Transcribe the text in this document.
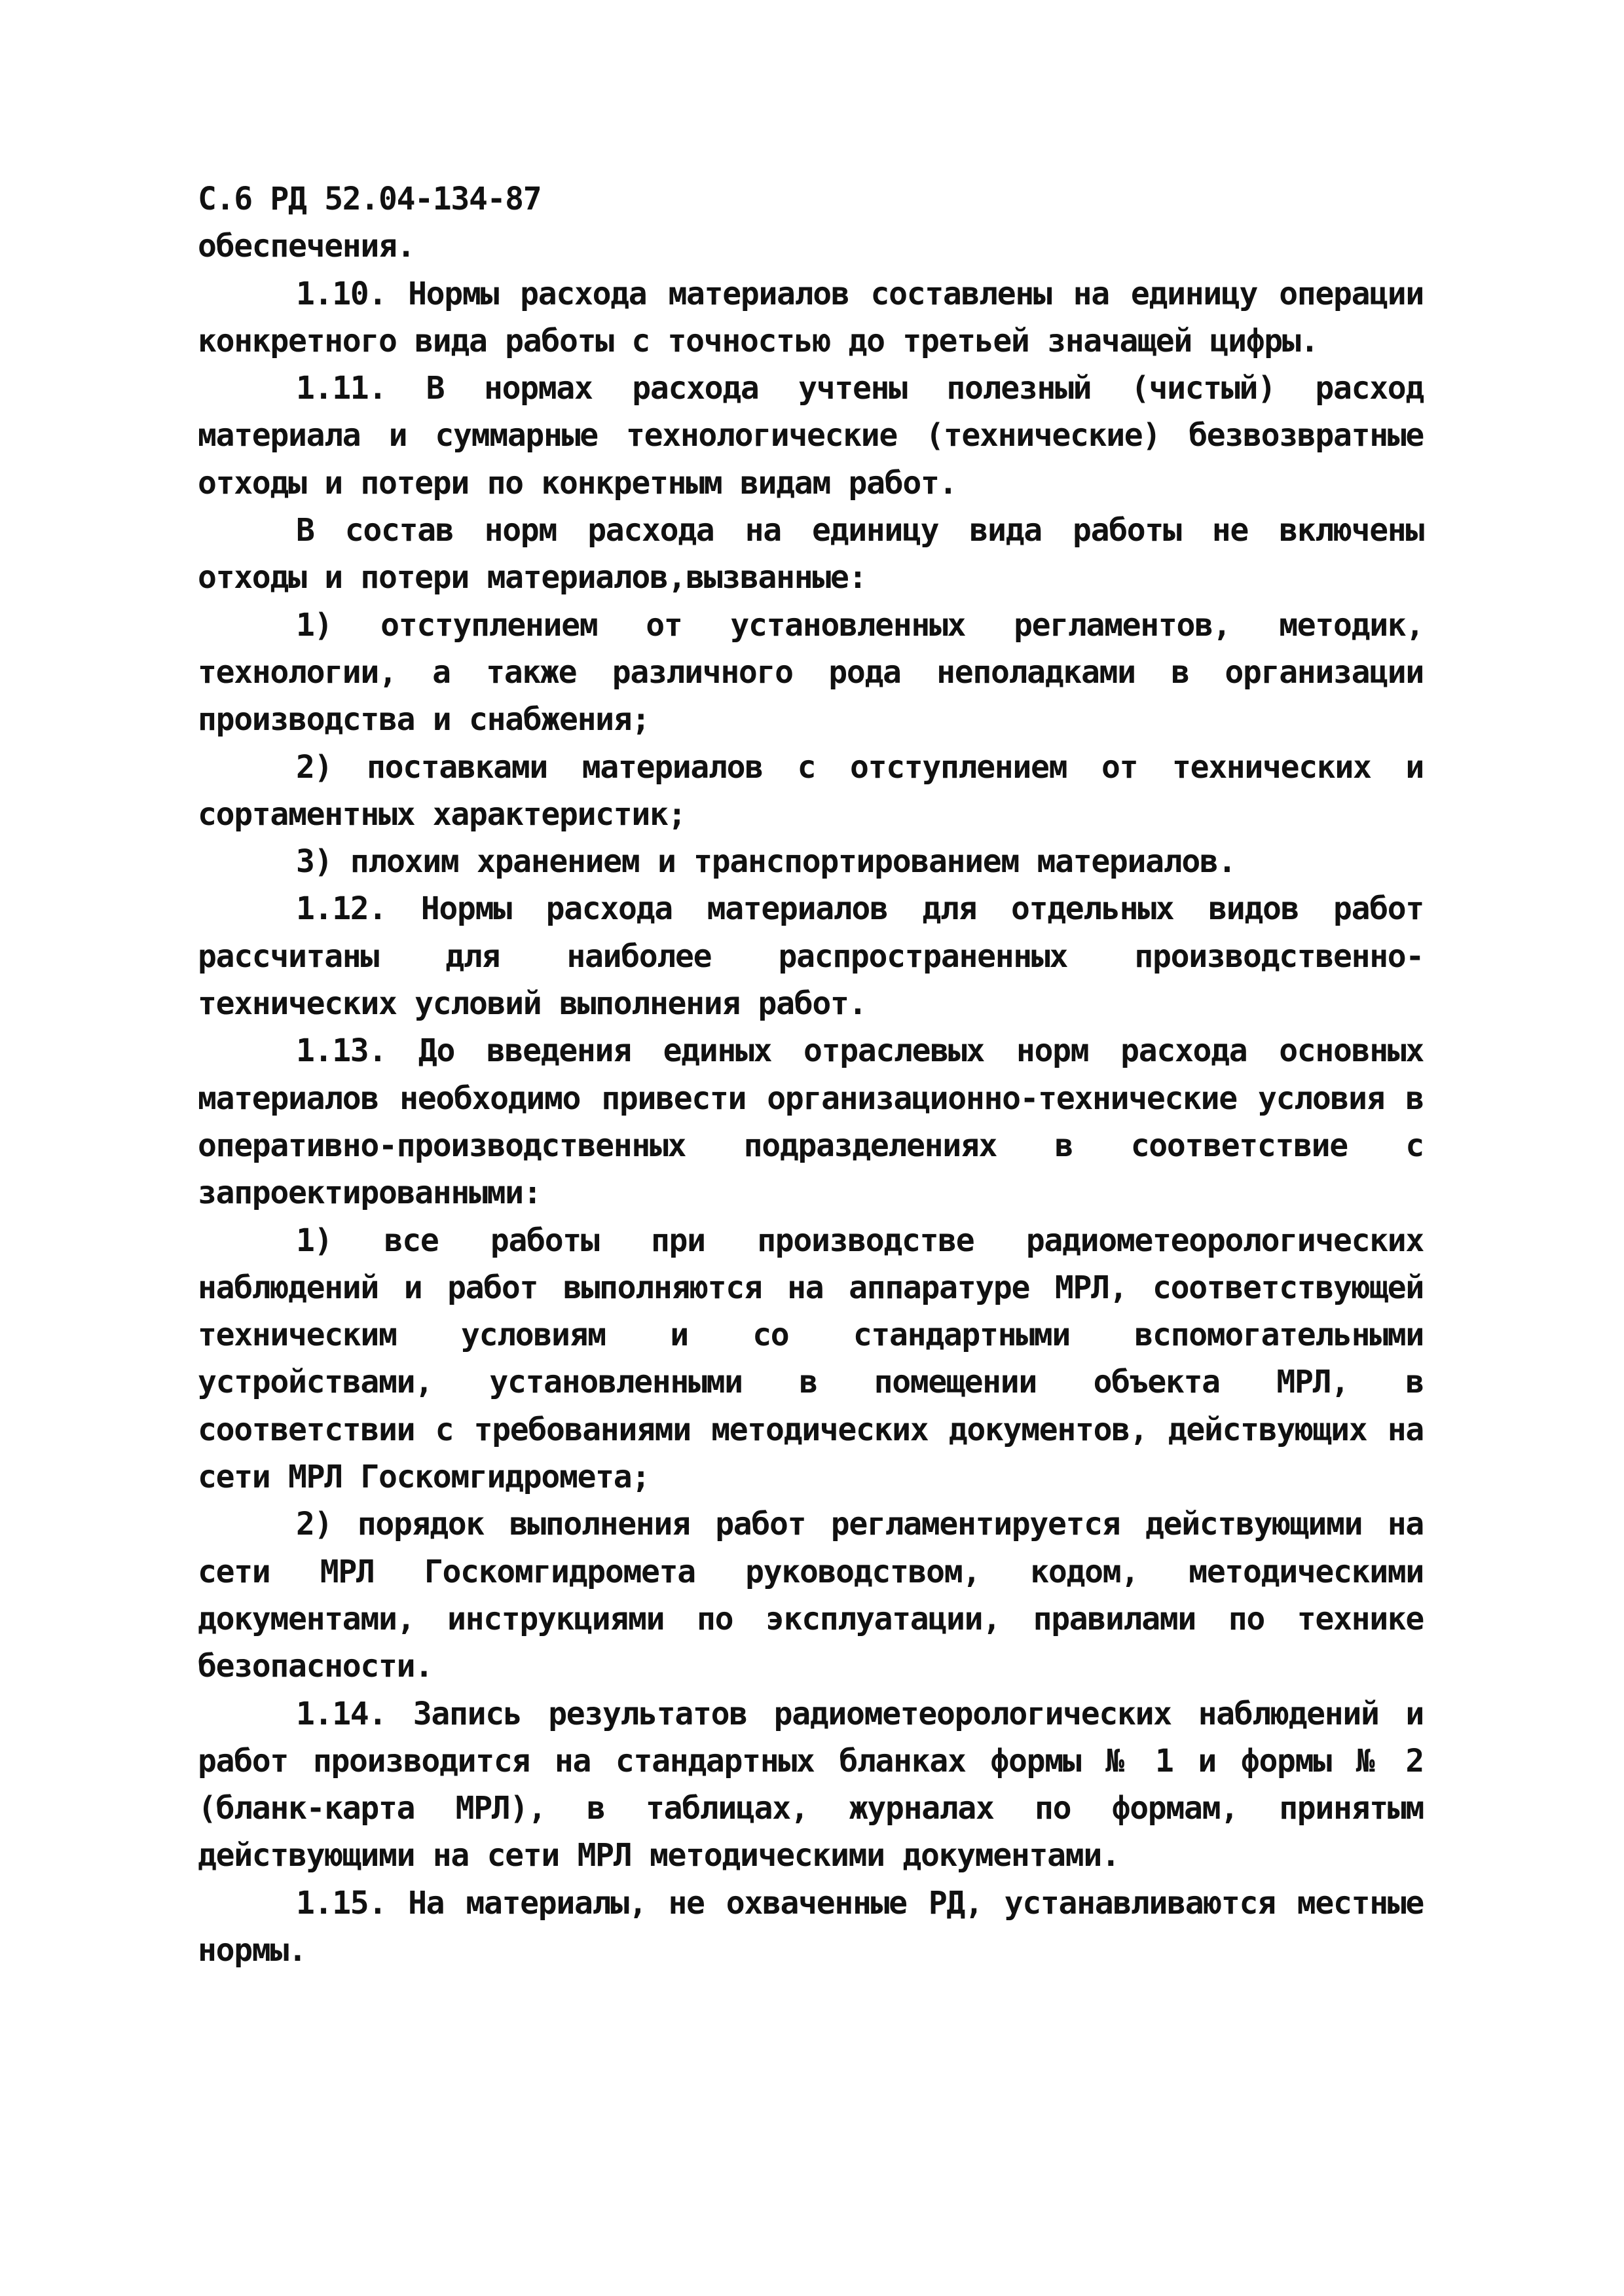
С.6 РД 52.04-134-87

обеспечения.

1.10. Нормы расхода материалов составлены на единицу операции конкретного вида работы с точностью до третьей значащей цифры.

1.11. В нормах расхода учтены полезный (чистый) расход материала и суммарные технологические (технические) безвозвратные отходы и потери по конкретным видам работ.

В состав норм расхода на единицу вида работы не включены отходы и потери материалов,вызванные:

1) отступлением от установленных регламентов, методик, технологии, а также различного рода неполадками в организации производства и снабжения;

2) поставками материалов с отступлением от технических и сортаментных характеристик;

3) плохим хранением и транспортированием материалов.

1.12. Нормы расхода материалов для отдельных видов работ рассчитаны для наиболее распространенных производственно-технических условий выполнения работ.

1.13. До введения единых отраслевых норм расхода основных материалов необходимо привести организационно-технические условия в оперативно-производственных подразделениях в соответствие с запроектированными:

1) все работы при производстве радиометеорологических наблюдений и работ выполняются на аппаратуре МРЛ, соответствующей техническим условиям и со стандартными вспомогательными устройствами, установленными в помещении объекта МРЛ, в соответствии с требованиями методических документов, действующих на сети МРЛ Госкомгидромета;

2) порядок выполнения работ регламентируется действующими на сети МРЛ Госкомгидромета руководством, кодом, методическими документами, инструкциями по эксплуатации, правилами по технике безопасности.

1.14. Запись результатов радиометеорологических наблюдений и работ производится на стандартных бланках формы № 1 и формы № 2 (бланк-карта МРЛ), в таблицах, журналах по формам, принятым действующими на сети МРЛ методическими документами.

1.15. На материалы, не охваченные РД, устанавливаются местные нормы.
